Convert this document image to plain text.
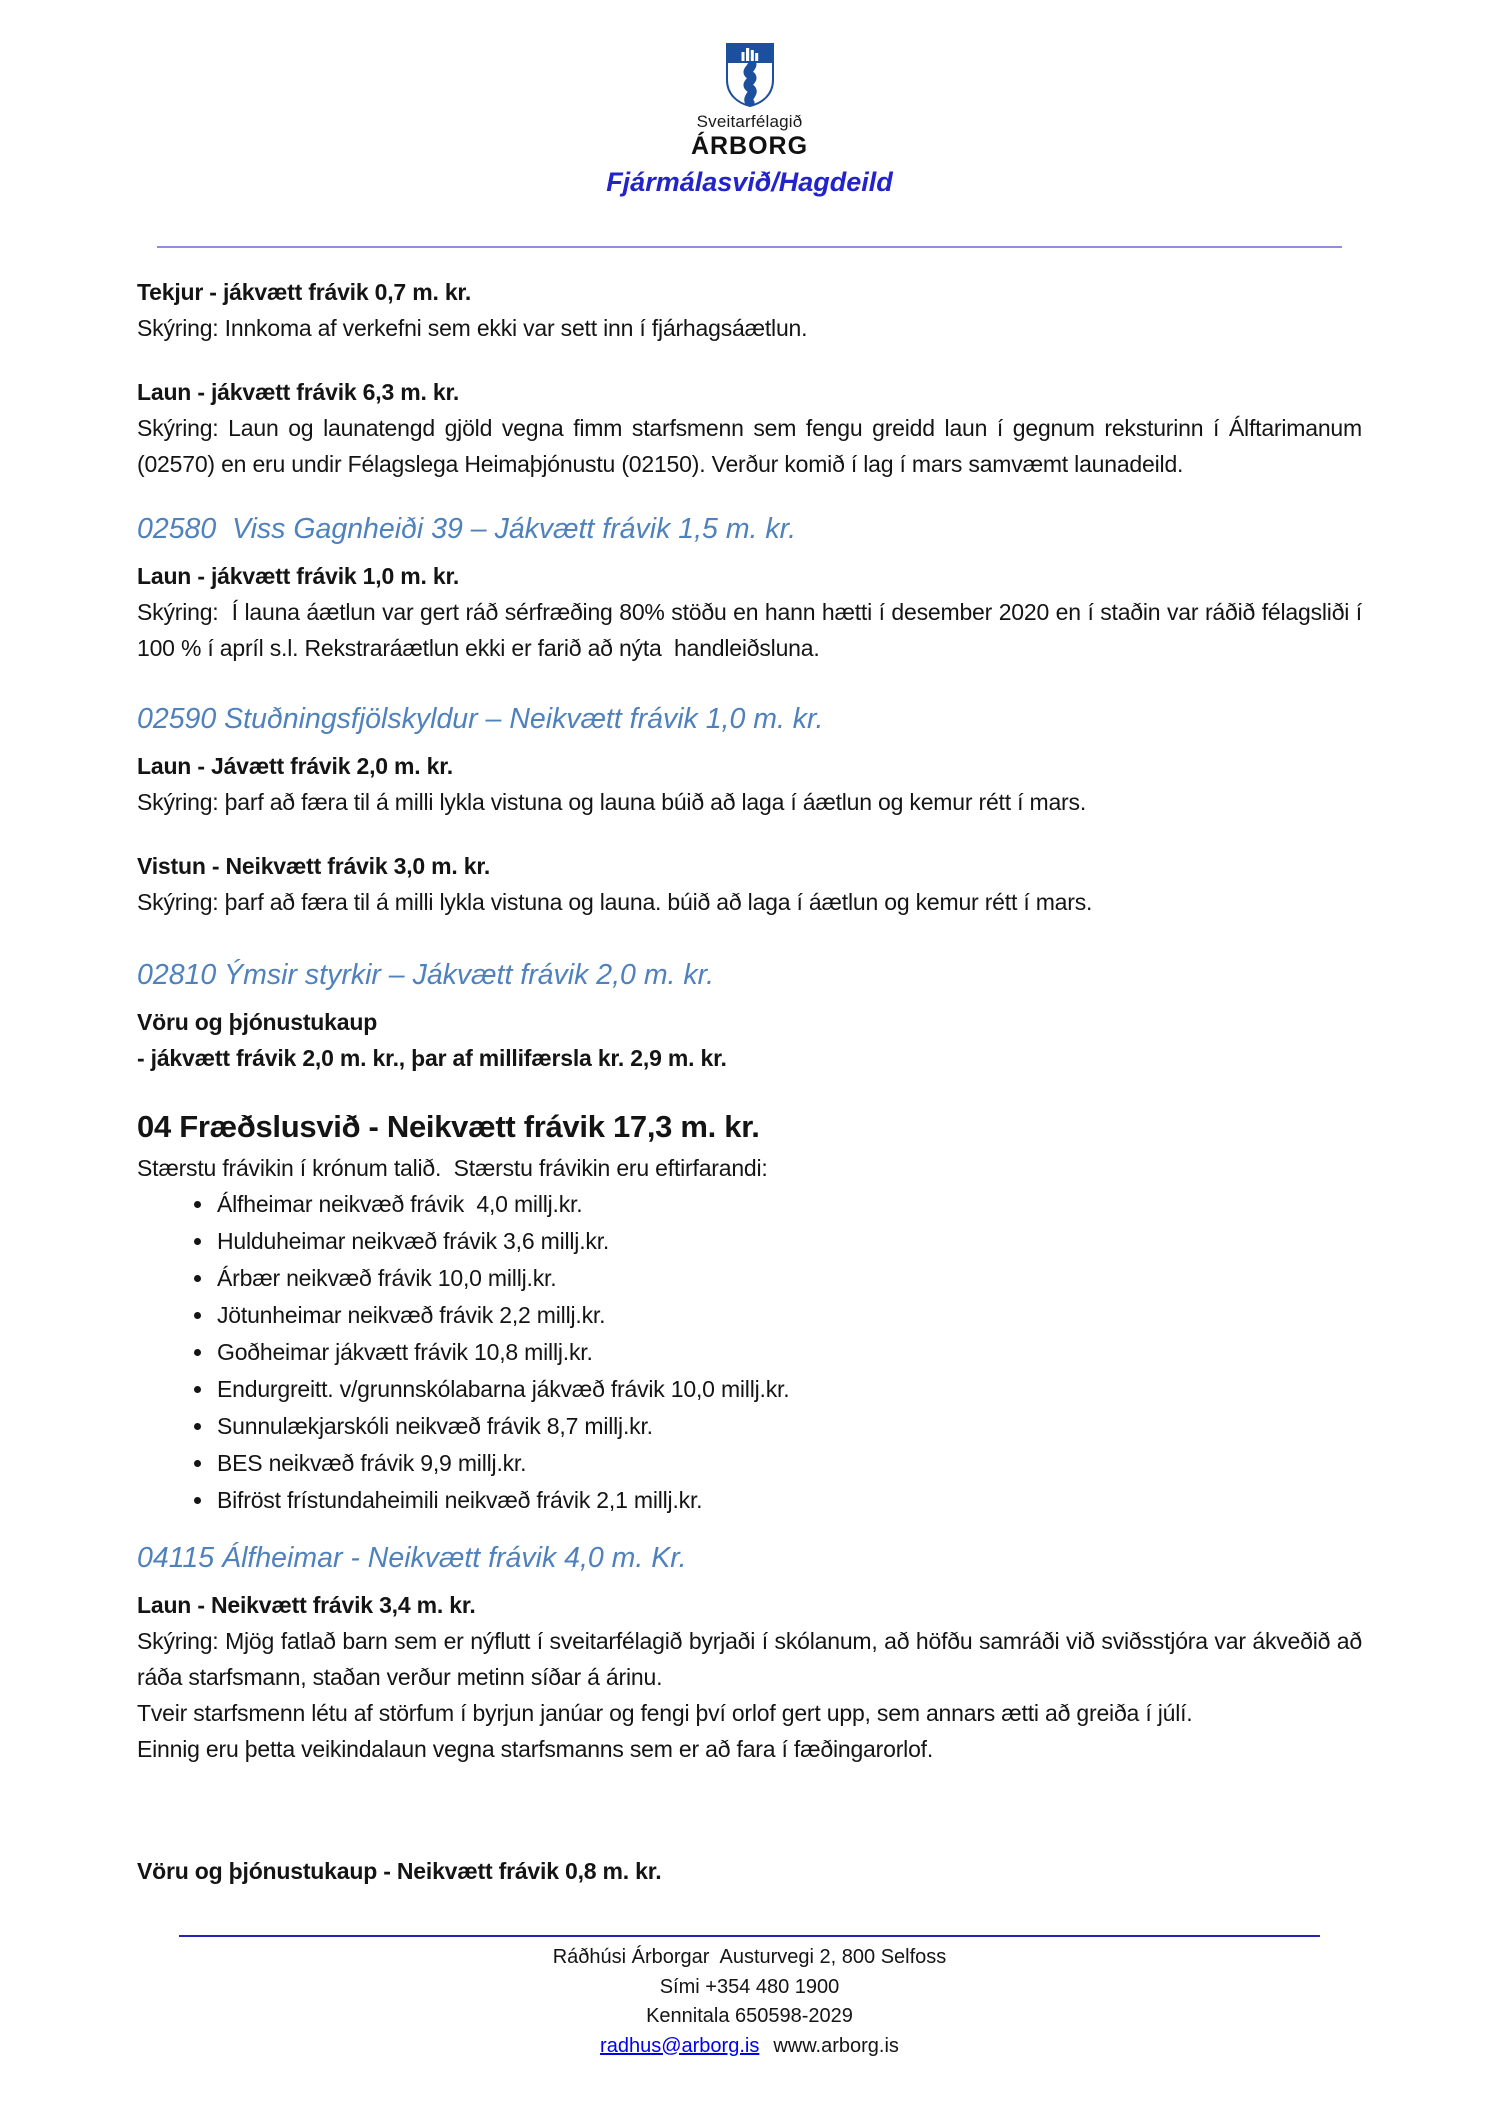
Sveitarfélagið
ÁRBORG
Fjármálasvið/Hagdeild
Tekjur - jákvætt frávik 0,7 m. kr.
Skýring: Innkoma af verkefni sem ekki var sett inn í fjárhagsáætlun.
Laun - jákvætt frávik 6,3 m. kr.
Skýring: Laun og launatengd gjöld vegna fimm starfsmenn sem fengu greidd laun í gegnum reksturinn í Álftarimanum (02570) en eru undir Félagslega Heimaþjónustu (02150). Verður komið í lag í mars samvæmt launadeild.
02580  Viss Gagnheiði 39 – Jákvætt frávik 1,5 m. kr.
Laun - jákvætt frávik 1,0 m. kr.
Skýring:  Í launa áætlun var gert ráð sérfræðing 80% stöðu en hann hætti í desember 2020 en í staðin var ráðið félagsliði í 100 % í apríl s.l. Rekstraráætlun ekki er farið að nýta  handleiðsluna.
02590 Stuðningsfjölskyldur – Neikvætt frávik 1,0 m. kr.
Laun - Jávætt frávik 2,0 m. kr.
Skýring: þarf að færa til á milli lykla vistuna og launa búið að laga í áætlun og kemur rétt í mars.
Vistun - Neikvætt frávik 3,0 m. kr.
Skýring: þarf að færa til á milli lykla vistuna og launa. búið að laga í áætlun og kemur rétt í mars.
02810 Ýmsir styrkir – Jákvætt frávik 2,0 m. kr.
Vöru og þjónustukaup
- jákvætt frávik 2,0 m. kr., þar af millifærsla kr. 2,9 m. kr.
04 Fræðslusvið - Neikvætt frávik 17,3 m. kr.
Stærstu frávikin í krónum talið.  Stærstu frávikin eru eftirfarandi:
• Álfheimar neikvæð frávik  4,0 millj.kr.
• Hulduheimar neikvæð frávik 3,6 millj.kr.
• Árbær neikvæð frávik 10,0 millj.kr.
• Jötunheimar neikvæð frávik 2,2 millj.kr.
• Goðheimar jákvætt frávik 10,8 millj.kr.
• Endurgreitt. v/grunnskólabarna jákvæð frávik 10,0 millj.kr.
• Sunnulækjarskóli neikvæð frávik 8,7 millj.kr.
• BES neikvæð frávik 9,9 millj.kr.
• Bifröst frístundaheimili neikvæð frávik 2,1 millj.kr.
04115 Álfheimar - Neikvætt frávik 4,0 m. Kr.
Laun - Neikvætt frávik 3,4 m. kr.
Skýring: Mjög fatlað barn sem er nýflutt í sveitarfélagið byrjaði í skólanum, að höfðu samráði við sviðsstjóra var ákveðið að ráða starfsmann, staðan verður metinn síðar á árinu.
Tveir starfsmenn létu af störfum í byrjun janúar og fengi því orlof gert upp, sem annars ætti að greiða í júlí.
Einnig eru þetta veikindalaun vegna starfsmanns sem er að fara í fæðingarorlof.
Vöru og þjónustukaup - Neikvætt frávik 0,8 m. kr.
Ráðhúsi Árborgar  Austurvegi 2, 800 Selfoss
Sími +354 480 1900
Kennitala 650598-2029
radhus@arborg.is www.arborg.is
